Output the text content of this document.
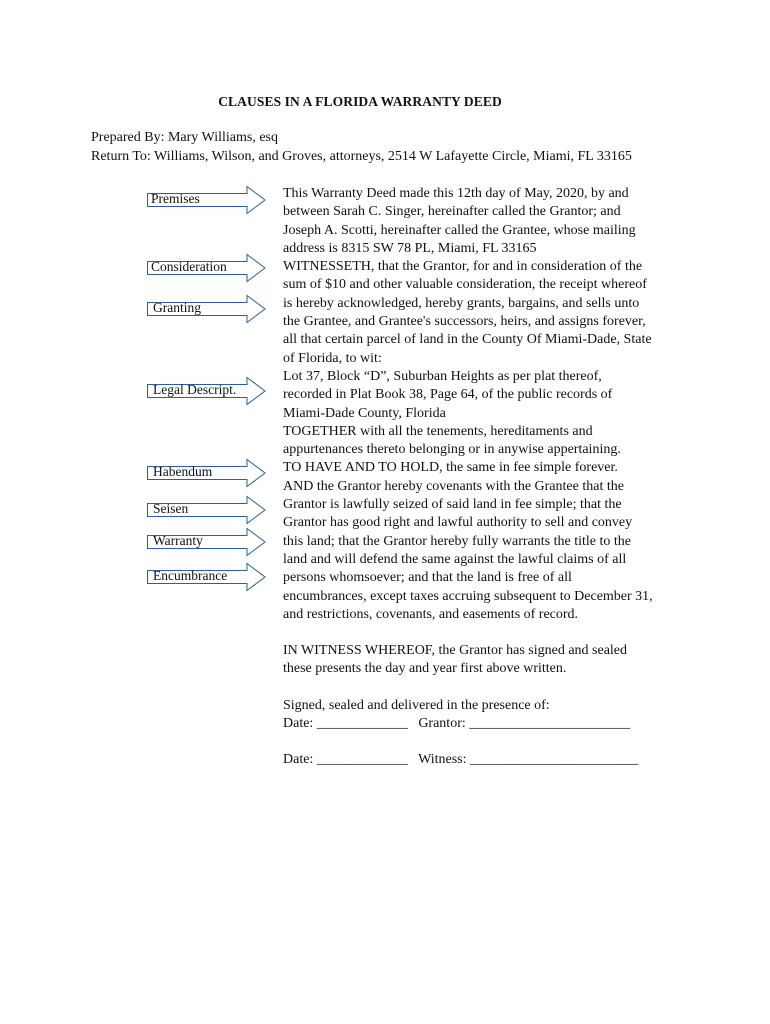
CLAUSES IN A FLORIDA WARRANTY DEED
Prepared By: Mary Williams, esq
Return To: Williams, Wilson, and Groves, attorneys, 2514 W Lafayette Circle, Miami, FL 33165
Premises
Consideration
Granting
Legal Descript.
Habendum
Seisen
Warranty
Encumbrance

This Warranty Deed made this 12th day of May, 2020, by and

between Sarah C. Singer, hereinafter called the Grantor; and

Joseph A. Scotti, hereinafter called the Grantee, whose mailing

address is 8315 SW 78 PL, Miami, FL 33165

WITNESSETH, that the Grantor, for and in consideration of the

sum of $10 and other valuable consideration, the receipt whereof

is hereby acknowledged, hereby grants, bargains, and sells unto

the Grantee, and Grantee's successors, heirs, and assigns forever,

all that certain parcel of land in the County Of Miami-Dade, State

of Florida, to wit:

Lot 37, Block “D”, Suburban Heights as per plat thereof,

recorded in Plat Book 38, Page 64, of the public records of

Miami-Dade County, Florida

TOGETHER with all the tenements, hereditaments and

appurtenances thereto belonging or in anywise appertaining.

TO HAVE AND TO HOLD, the same in fee simple forever.

AND the Grantor hereby covenants with the Grantee that the

Grantor is lawfully seized of said land in fee simple; that the

Grantor has good right and lawful authority to sell and convey

this land; that the Grantor hereby fully warrants the title to the

land and will defend the same against the lawful claims of all

persons whomsoever; and that the land is free of all

encumbrances, except taxes accruing subsequent to December 31,

and restrictions, covenants, and easements of record.

IN WITNESS WHEREOF, the Grantor has signed and sealed

these presents the day and year first above written.

Signed, sealed and delivered in the presence of:

Date: _____________   Grantor: _______________________

Date: _____________   Witness: ________________________
